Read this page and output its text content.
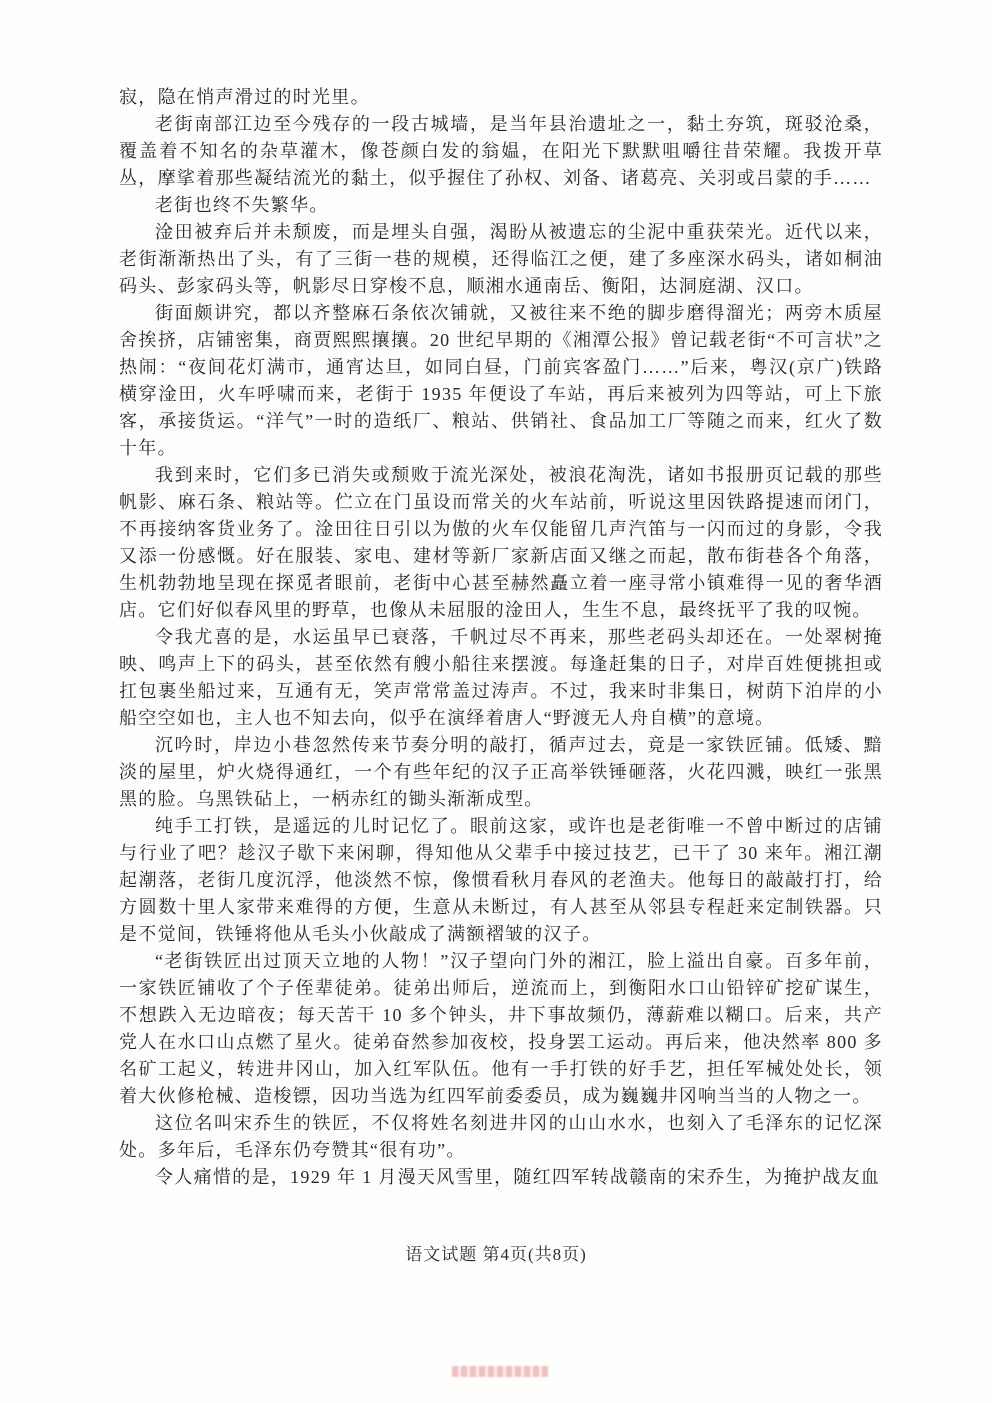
寂，隐在悄声滑过的时光里。

老街南部江边至今残存的一段古城墙，是当年县治遗址之一，黏土夯筑，斑驳沧桑，覆盖着不知名的杂草灌木，像苍颜白发的翁媪，在阳光下默默咀嚼往昔荣耀。我拨开草丛，摩挲着那些凝结流光的黏土，似乎握住了孙权、刘备、诸葛亮、关羽或吕蒙的手……

老街也终不失繁华。

淦田被弃后并未颓废，而是埋头自强，渴盼从被遗忘的尘泥中重获荣光。近代以来，老街渐渐热出了头，有了三街一巷的规模，还得临江之便，建了多座深水码头，诸如桐油码头、彭家码头等，帆影尽日穿梭不息，顺湘水通南岳、衡阳，达洞庭湖、汉口。

街面颇讲究，都以齐整麻石条依次铺就，又被往来不绝的脚步磨得溜光；两旁木质屋舍挨挤，店铺密集，商贾熙熙攘攘。20 世纪早期的《湘潭公报》曾记载老街“不可言状”之热闹：“夜间花灯满市，通宵达旦，如同白昼，门前宾客盈门……”后来，粤汉(京广)铁路横穿淦田，火车呼啸而来，老街于 1935 年便设了车站，再后来被列为四等站，可上下旅客，承接货运。“洋气”一时的造纸厂、粮站、供销社、食品加工厂等随之而来，红火了数十年。

我到来时，它们多已消失或颓败于流光深处，被浪花淘洗，诸如书报册页记载的那些帆影、麻石条、粮站等。伫立在门虽设而常关的火车站前，听说这里因铁路提速而闭门，不再接纳客货业务了。淦田往日引以为傲的火车仅能留几声汽笛与一闪而过的身影，令我又添一份感慨。好在服装、家电、建材等新厂家新店面又继之而起，散布街巷各个角落，生机勃勃地呈现在探觅者眼前，老街中心甚至赫然矗立着一座寻常小镇难得一见的奢华酒店。它们好似春风里的野草，也像从未屈服的淦田人，生生不息，最终抚平了我的叹惋。

令我尤喜的是，水运虽早已衰落，千帆过尽不再来，那些老码头却还在。一处翠树掩映、鸣声上下的码头，甚至依然有艘小船往来摆渡。每逢赶集的日子，对岸百姓便挑担或扛包裹坐船过来，互通有无，笑声常常盖过涛声。不过，我来时非集日，树荫下泊岸的小船空空如也，主人也不知去向，似乎在演绎着唐人“野渡无人舟自横”的意境。

沉吟时，岸边小巷忽然传来节奏分明的敲打，循声过去，竟是一家铁匠铺。低矮、黯淡的屋里，炉火烧得通红，一个有些年纪的汉子正高举铁锤砸落，火花四溅，映红一张黑黑的脸。乌黑铁砧上，一柄赤红的锄头渐渐成型。

纯手工打铁，是遥远的儿时记忆了。眼前这家，或许也是老街唯一不曾中断过的店铺与行业了吧？趁汉子歇下来闲聊，得知他从父辈手中接过技艺，已干了 30 来年。湘江潮起潮落，老街几度沉浮，他淡然不惊，像惯看秋月春风的老渔夫。他每日的敲敲打打，给方圆数十里人家带来难得的方便，生意从未断过，有人甚至从邻县专程赶来定制铁器。只是不觉间，铁锤将他从毛头小伙敲成了满额褶皱的汉子。

“老街铁匠出过顶天立地的人物！”汉子望向门外的湘江，脸上溢出自豪。百多年前，一家铁匠铺收了个子侄辈徒弟。徒弟出师后，逆流而上，到衡阳水口山铅锌矿挖矿谋生，不想跌入无边暗夜；每天苦干 10 多个钟头，井下事故频仍，薄薪难以糊口。后来，共产党人在水口山点燃了星火。徒弟奋然参加夜校，投身罢工运动。再后来，他决然率 800 多名矿工起义，转进井冈山，加入红军队伍。他有一手打铁的好手艺，担任军械处处长，领着大伙修枪械、造梭镖，因功当选为红四军前委委员，成为巍巍井冈响当当的人物之一。

这位名叫宋乔生的铁匠，不仅将姓名刻进井冈的山山水水，也刻入了毛泽东的记忆深处。多年后，毛泽东仍夸赞其“很有功”。

令人痛惜的是，1929 年 1 月漫天风雪里，随红四军转战赣南的宋乔生，为掩护战友血

语文试题 第4页(共8页)
